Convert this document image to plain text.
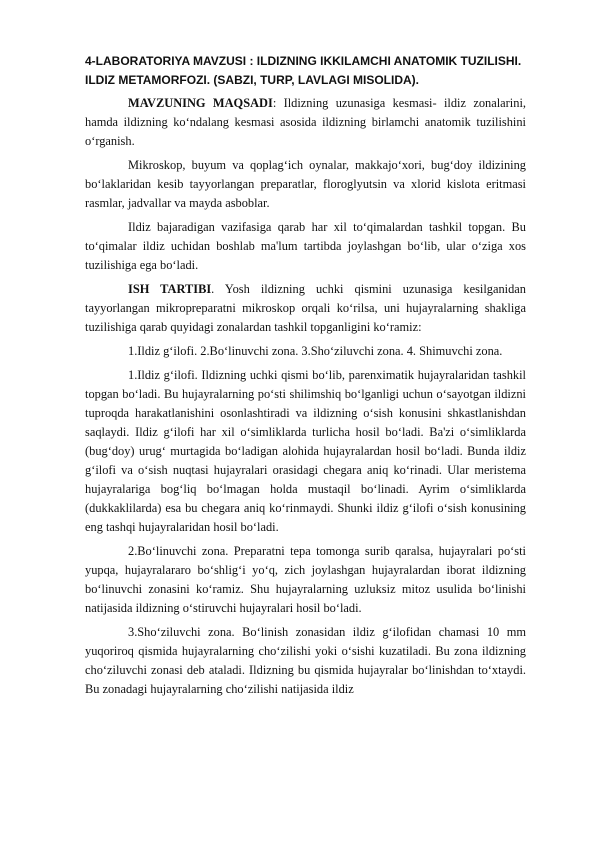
4-LABORATORIYA MAVZUSI : ILDIZNING IKKILAMCHI ANATOMIK TUZILISHI. ILDIZ METAMORFOZI. (SABZI, TURP, LAVLAGI MISOLIDA).

MAVZUNING MAQSADI: Ildizning uzunasiga kesmasi- ildiz zonalarini, hamda ildizning ko‘ndalang kesmasi asosida ildizning birlamchi anatomik tuzilishini o‘rganish.

Mikroskop, buyum va qoplag‘ich oynalar, makkajo‘xori, bug‘doy ildizining bo‘laklaridan kesib tayyorlangan preparatlar, floroglyutsin va xlorid kislota eritmasi rasmlar, jadvallar va mayda asboblar.

Ildiz bajaradigan vazifasiga qarab har xil to‘qimalardan tashkil topgan. Bu to‘qimalar ildiz uchidan boshlab ma'lum tartibda joylashgan bo‘lib, ular o‘ziga xos tuzilishiga ega bo‘ladi.

ISH TARTIBI. Yosh ildizning uchki qismini uzunasiga kesilganidan tayyorlangan mikropreparatni mikroskop orqali ko‘rilsa, uni hujayralarning shakliga tuzilishiga qarab quyidagi zonalardan tashkil topganligini ko‘ramiz:

1.Ildiz g‘ilofi. 2.Bo‘linuvchi zona. 3.Sho‘ziluvchi zona. 4. Shimuvchi zona.

1.Ildiz g‘ilofi. Ildizning uchki qismi bo‘lib, parenximatik hujayralaridan tashkil topgan bo‘ladi. Bu hujayralarning po‘sti shilimshiq bo‘lganligi uchun o‘sayotgan ildizni tuproqda harakatlanishini osonlashtiradi va ildizning o‘sish konusini shkastlanishdan saqlaydi. Ildiz g‘ilofi har xil o‘simliklarda turlicha hosil bo‘ladi. Ba'zi o‘simliklarda (bug‘doy) urug‘ murtagida bo‘ladigan alohida hujayralardan hosil bo‘ladi. Bunda ildiz g‘ilofi va o‘sish nuqtasi hujayralari orasidagi chegara aniq ko‘rinadi. Ular meristema hujayralariga bog‘liq bo‘lmagan holda mustaqil bo‘linadi. Ayrim o‘simliklarda (dukkaklilarda) esa bu chegara aniq ko‘rinmaydi. Shunki ildiz g‘ilofi o‘sish konusining eng tashqi hujayralaridan hosil bo‘ladi.

2.Bo‘linuvchi zona. Preparatni tepa tomonga surib qaralsa, hujayralari po‘sti yupqa, hujayralararo bo‘shlig‘i yo‘q, zich joylashgan hujayralardan iborat ildizning bo‘linuvchi zonasini ko‘ramiz. Shu hujayralarning uzluksiz mitoz usulida bo‘linishi natijasida ildizning o‘stiruvchi hujayralari hosil bo‘ladi.

3.Sho‘ziluvchi zona. Bo‘linish zonasidan ildiz g‘ilofidan chamasi 10 mm yuqoriroq qismida hujayralarning cho‘zilishi yoki o‘sishi kuzatiladi. Bu zona ildizning cho‘ziluvchi zonasi deb ataladi. Ildizning bu qismida hujayralar bo‘linishdan to‘xtaydi. Bu zonadagi hujayralarning cho‘zilishi natijasida ildiz
